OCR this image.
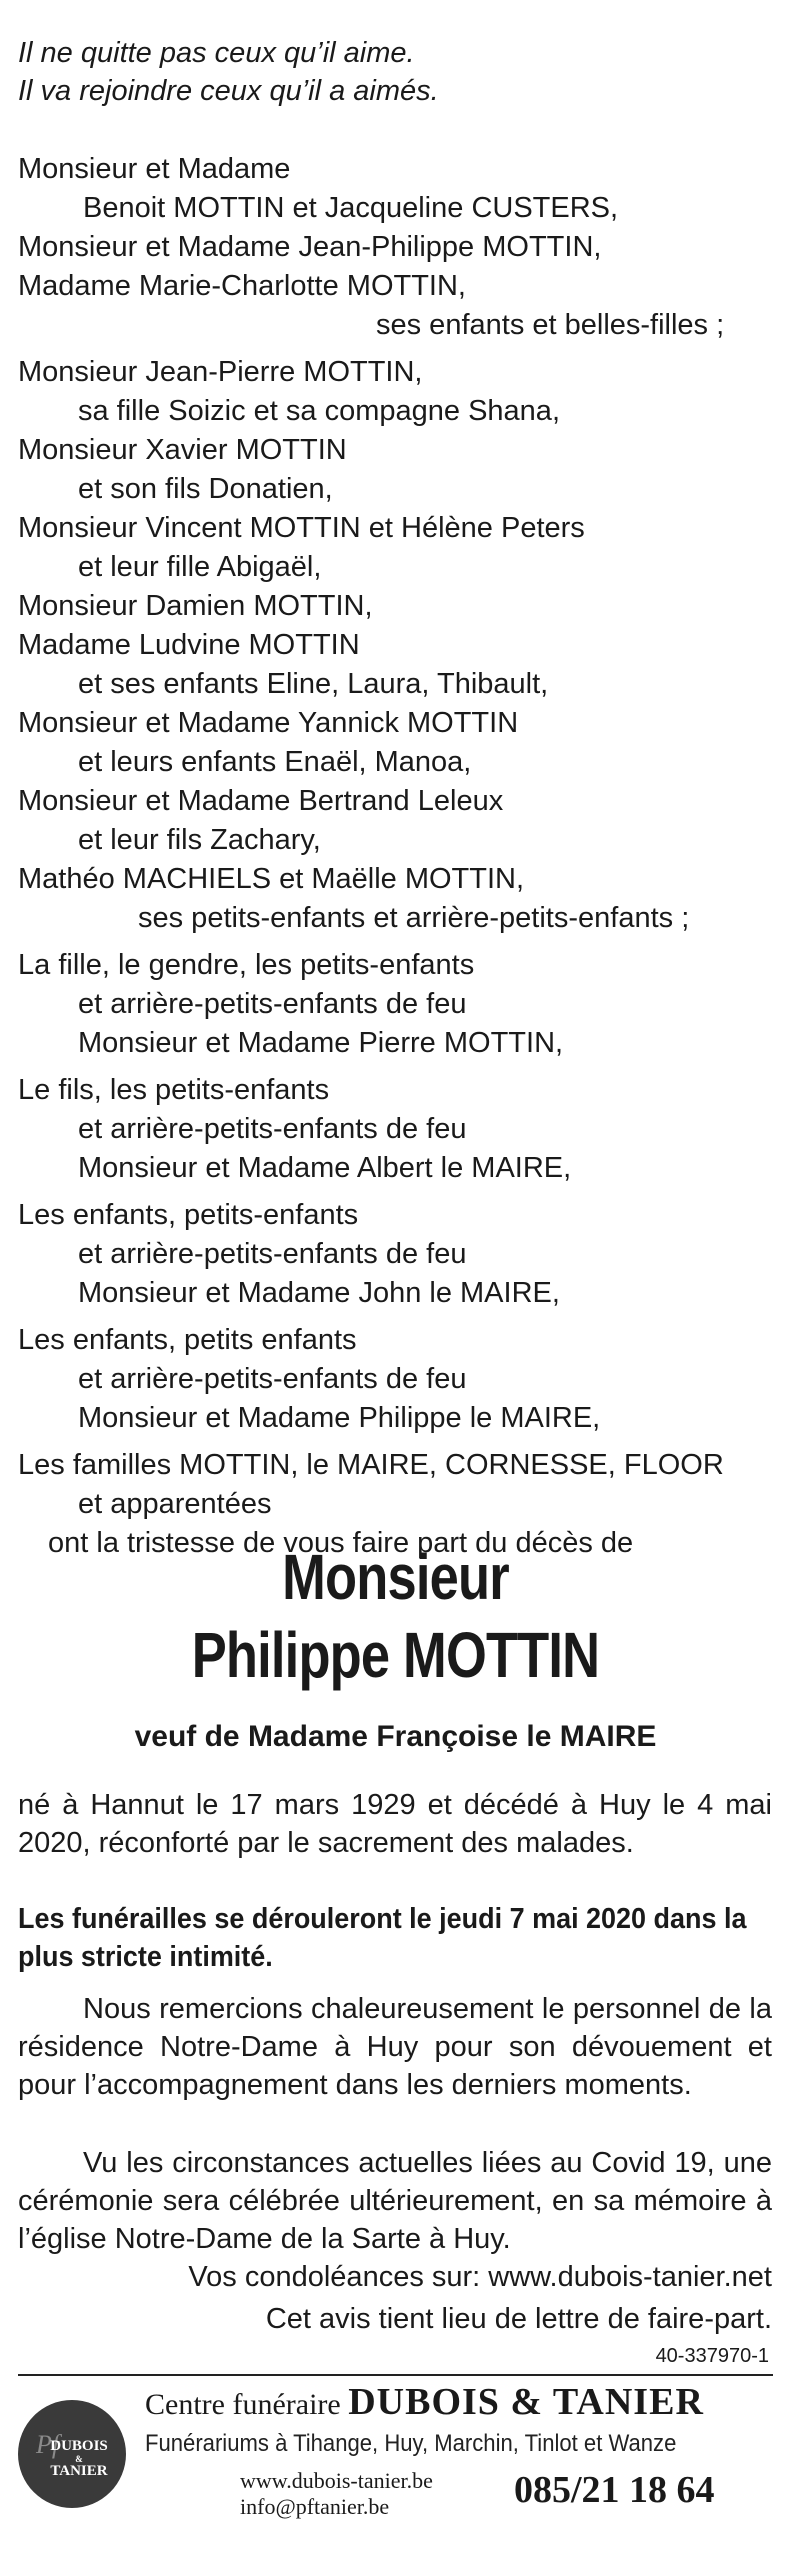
Il ne quitte pas ceux qu’il aime.
Il va rejoindre ceux qu’il a aimés.
Monsieur et Madame
Benoit MOTTIN et Jacqueline CUSTERS,
Monsieur et Madame Jean-Philippe MOTTIN,
Madame Marie-Charlotte MOTTIN,
ses enfants et belles-filles ;
Monsieur Jean-Pierre MOTTIN,
sa fille Soizic et sa compagne Shana,
Monsieur Xavier MOTTIN
et son fils Donatien,
Monsieur Vincent MOTTIN et Hélène Peters
et leur fille Abigaël,
Monsieur Damien MOTTIN,
Madame Ludvine MOTTIN
et ses enfants Eline, Laura, Thibault,
Monsieur et Madame Yannick MOTTIN
et leurs enfants Enaël, Manoa,
Monsieur et Madame Bertrand Leleux
et leur fils Zachary,
Mathéo MACHIELS et Maëlle MOTTIN,
ses petits-enfants et arrière-petits-enfants ;
La fille, le gendre, les petits-enfants
et arrière-petits-enfants de feu
Monsieur et Madame Pierre MOTTIN,
Le fils, les petits-enfants
et arrière-petits-enfants de feu
Monsieur et Madame Albert le MAIRE,
Les enfants, petits-enfants
et arrière-petits-enfants de feu
Monsieur et Madame John le MAIRE,
Les enfants, petits enfants
et arrière-petits-enfants de feu
Monsieur et Madame Philippe le MAIRE,
Les familles MOTTIN, le MAIRE, CORNESSE, FLOOR
et apparentées
ont la tristesse de vous faire part du décès de
Monsieur
Philippe MOTTIN
veuf de Madame Françoise le MAIRE
né à Hannut le 17 mars 1929 et décédé à Huy le 4 mai 2020, réconforté par le sacrement des malades.
Les funérailles se dérouleront le jeudi 7 mai 2020 dans la plus stricte intimité.
Nous remercions chaleureusement le personnel de la résidence Notre-Dame à Huy pour son dévouement et pour l’accompagnement dans les derniers moments.
Vu les circonstances actuelles liées au Covid 19, une cérémonie sera célébrée ultérieurement, en sa mémoire à l’église Notre-Dame de la Sarte à Huy.
Vos condoléances sur: www.dubois-tanier.net
Cet avis tient lieu de lettre de faire-part.
40-337970-1
Pf
DUBOIS
&
TANIER
Centre funéraire DUBOIS & TANIER
Funérariums à Tihange, Huy, Marchin, Tinlot et Wanze
www.dubois-tanier.be
info@pftanier.be	085/21 18 64
